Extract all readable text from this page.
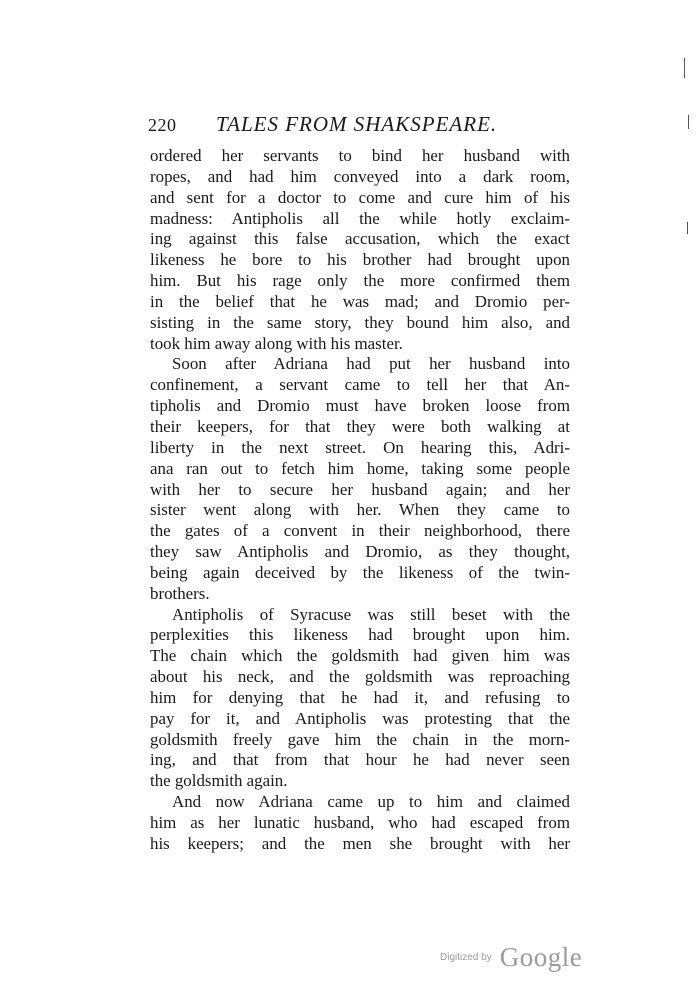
220 TALES FROM SHAKSPEARE.
ordered her servants to bind her husband with
ropes, and had him conveyed into a dark room,
and sent for a doctor to come and cure him of his
madness: Antipholis all the while hotly exclaim-
ing against this false accusation, which the exact
likeness he bore to his brother had brought upon
him. But his rage only the more confirmed them
in the belief that he was mad; and Dromio per-
sisting in the same story, they bound him also, and
took him away along with his master.
Soon after Adriana had put her husband into
confinement, a servant came to tell her that An-
tipholis and Dromio must have broken loose from
their keepers, for that they were both walking at
liberty in the next street. On hearing this, Adri-
ana ran out to fetch him home, taking some people
with her to secure her husband again; and her
sister went along with her. When they came to
the gates of a convent in their neighborhood, there
they saw Antipholis and Dromio, as they thought,
being again deceived by the likeness of the twin-
brothers.
Antipholis of Syracuse was still beset with the
perplexities this likeness had brought upon him.
The chain which the goldsmith had given him was
about his neck, and the goldsmith was reproaching
him for denying that he had it, and refusing to
pay for it, and Antipholis was protesting that the
goldsmith freely gave him the chain in the morn-
ing, and that from that hour he had never seen
the goldsmith again.
And now Adriana came up to him and claimed
him as her lunatic husband, who had escaped from
his keepers; and the men she brought with her
Digitized by Google
